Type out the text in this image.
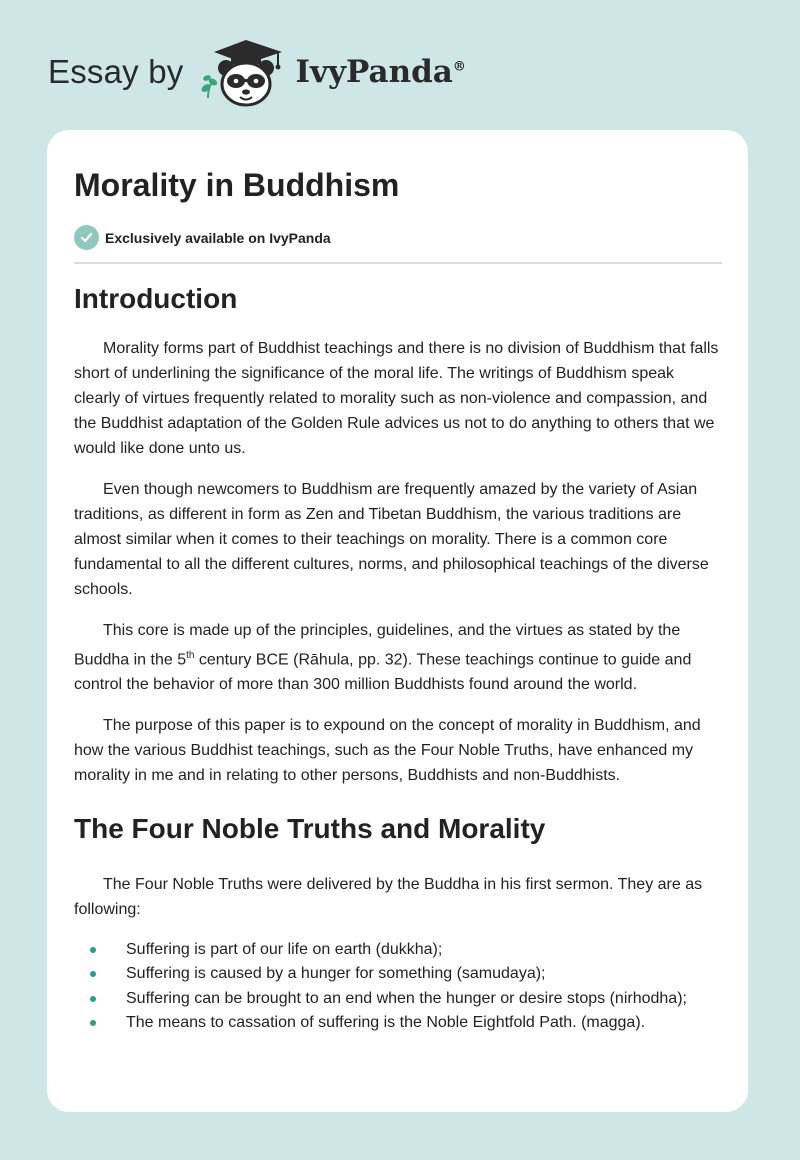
Essay by	IvyPanda®
Morality in Buddhism
Exclusively available on IvyPanda
Introduction

Morality forms part of Buddhist teachings and there is no division of Buddhism that falls short of underlining the significance of the moral life. The writings of Buddhism speak clearly of virtues frequently related to morality such as non-violence and compassion, and the Buddhist adaptation of the Golden Rule advices us not to do anything to others that we would like done unto us.

Even though newcomers to Buddhism are frequently amazed by the variety of Asian traditions, as different in form as Zen and Tibetan Buddhism, the various traditions are almost similar when it comes to their teachings on morality. There is a common core fundamental to all the different cultures, norms, and philosophical teachings of the diverse schools.

This core is made up of the principles, guidelines, and the virtues as stated by the Buddha in the 5th century BCE (Rāhula, pp. 32). These teachings continue to guide and control the behavior of more than 300 million Buddhists found around the world.

The purpose of this paper is to expound on the concept of morality in Buddhism, and how the various Buddhist teachings, such as the Four Noble Truths, have enhanced my morality in me and in relating to other persons, Buddhists and non-Buddhists.

The Four Noble Truths and Morality

The Four Noble Truths were delivered by the Buddha in his first sermon. They are as following:

Suffering is part of our life on earth (dukkha);
Suffering is caused by a hunger for something (samudaya);
Suffering can be brought to an end when the hunger or desire stops (nirhodha);
The means to cassation of suffering is the Noble Eightfold Path. (magga).
